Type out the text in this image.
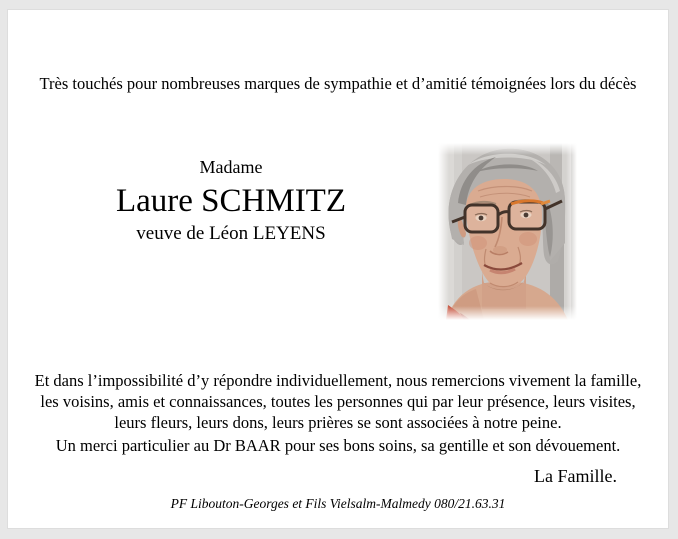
Très touchés pour nombreuses marques de sympathie et d’amitié témoignées lors du décès
Madame
Laure SCHMITZ
veuve de Léon LEYENS
Et dans l’impossibilité d’y répondre individuellement, nous remercions vivement la famille,
les voisins, amis et connaissances, toutes les personnes qui par leur présence, leurs visites,
leurs fleurs, leurs dons, leurs prières se sont associées à notre peine.
Un merci particulier au Dr BAAR pour ses bons soins, sa gentille et son dévouement.
La Famille.
PF Libouton-Georges et Fils Vielsalm-Malmedy 080/21.63.31
